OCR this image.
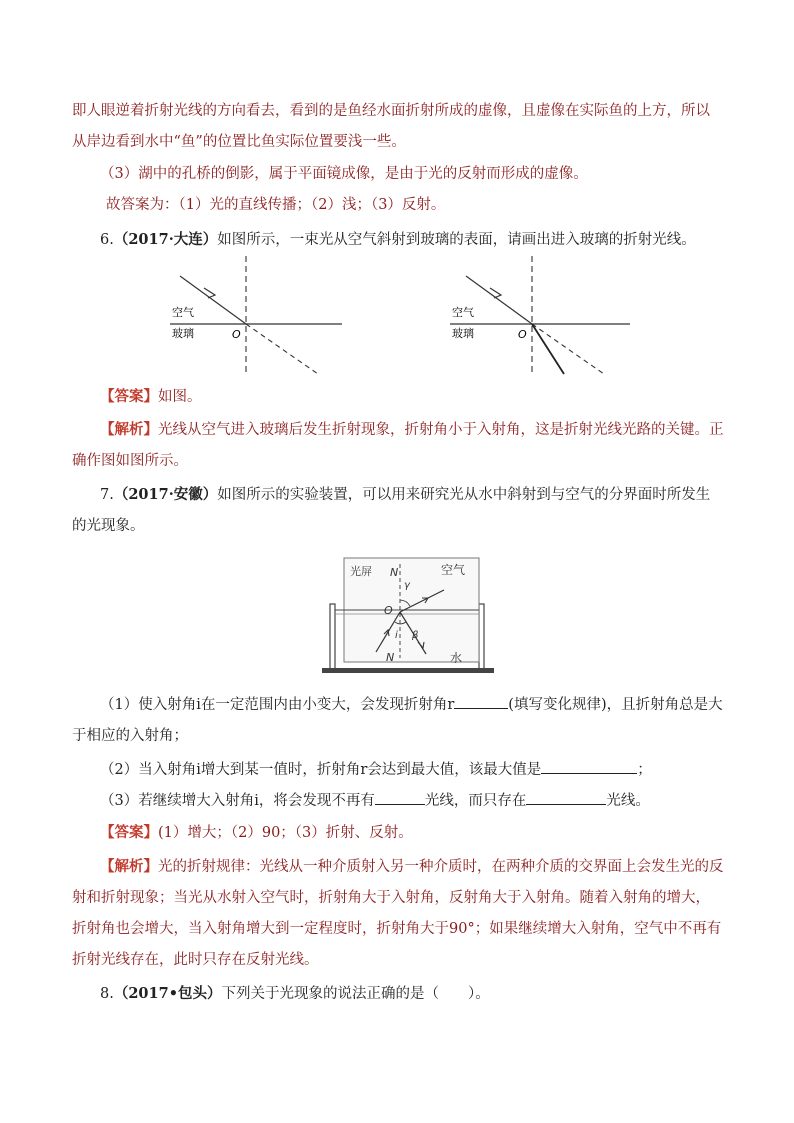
即人眼逆着折射光线的方向看去，看到的是鱼经水面折射所成的虚像，且虚像在实际鱼的上方，所以从岸边看到水中“鱼”的位置比鱼实际位置要浅一些。
（3）湖中的孔桥的倒影，属于平面镜成像，是由于光的反射而形成的虚像。
故答案为：（1）光的直线传播；（2）浅；（3）反射。
6.（2017·大连）如图所示，一束光从空气斜射到玻璃的表面，请画出进入玻璃的折射光线。
空气
玻璃	O
空气
玻璃	O
【答案】如图。
【解析】光线从空气进入玻璃后发生折射现象，折射角小于入射角，这是折射光线光路的关键。正确作图如图所示。
7.（2017·安徽）如图所示的实验装置，可以用来研究光从水中斜射到与空气的分界面时所发生的光现象。
光屏 N
γ
空气
O
i β
N	水
（1）使入射角i在一定范围内由小变大，会发现折射角r	(填写变化规律)，且折射角总是大于相应的入射角；
（2）当入射角i增大到某一值时，折射角r会达到最大值，该最大值是	；
（3）若继续增大入射角i，将会发现不再有	光线，而只存在	光线。
【答案】(1）增大；（2）90；（3）折射、反射。
【解析】光的折射规律：光线从一种介质射入另一种介质时，在两种介质的交界面上会发生光的反射和折射现象；当光从水射入空气时，折射角大于入射角，反射角大于入射角。随着入射角的增大，折射角也会增大，当入射角增大到一定程度时，折射角大于90°；如果继续增大入射角，空气中不再有折射光线存在，此时只存在反射光线。
8.（2017•包头）下列关于光现象的说法正确的是（　　）。
